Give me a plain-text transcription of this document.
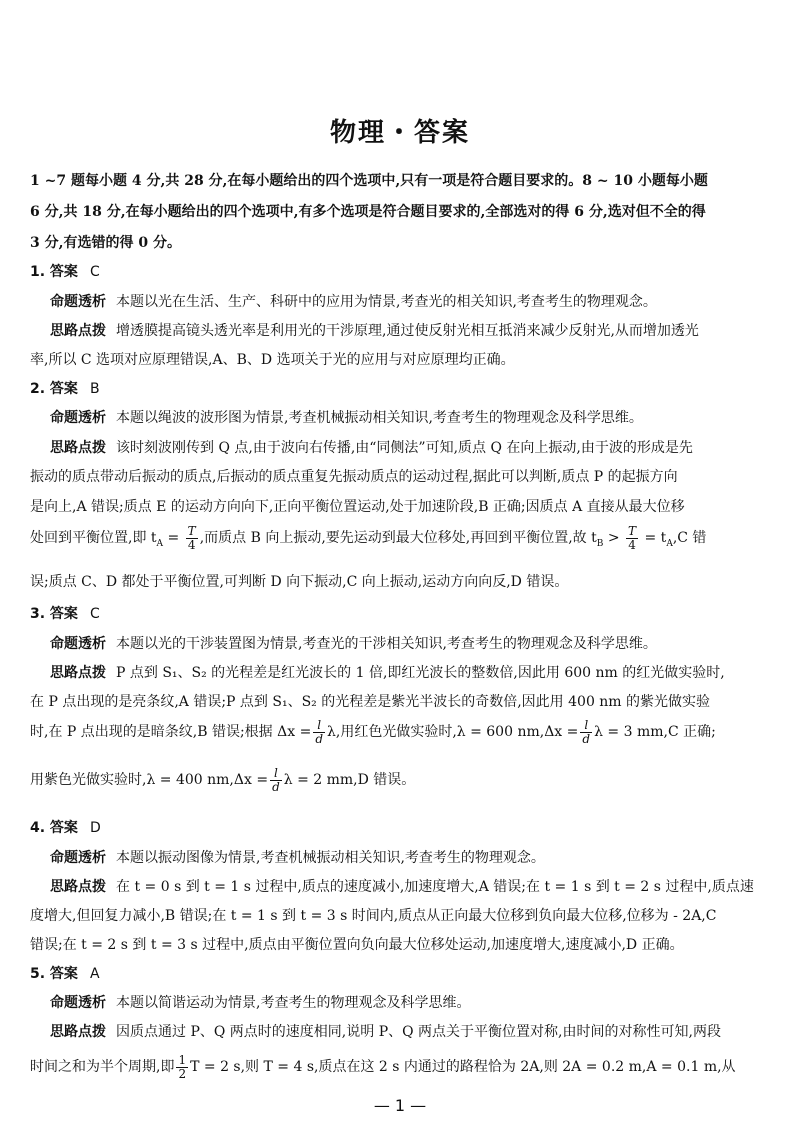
物理・答案
1 ~7 题每小题 4 分,共 28 分,在每小题给出的四个选项中,只有一项是符合题目要求的。8 ~ 10 小题每小题
6 分,共 18 分,在每小题给出的四个选项中,有多个选项是符合题目要求的,全部选对的得 6 分,选对但不全的得
3 分,有选错的得 0 分。
1. 答案 C
命题透析 本题以光在生活、生产、科研中的应用为情景,考查光的相关知识,考查考生的物理观念。
思路点拨 增透膜提高镜头透光率是利用光的干涉原理,通过使反射光相互抵消来减少反射光,从而增加透光
率,所以 C 选项对应原理错误,A、B、D 选项关于光的应用与对应原理均正确。
2. 答案 B
命题透析 本题以绳波的波形图为情景,考查机械振动相关知识,考查考生的物理观念及科学思维。
思路点拨 该时刻波刚传到 Q 点,由于波向右传播,由“同侧法”可知,质点 Q 在向上振动,由于波的形成是先
振动的质点带动后振动的质点,后振动的质点重复先振动质点的运动过程,据此可以判断,质点 P 的起振方向
是向上,A 错误;质点 E 的运动方向向下,正向平衡位置运动,处于加速阶段,B 正确;因质点 A 直接从最大位移
处回到平衡位置,即 $t_A = \frac{T}{4}$ ,而质点 B 向上振动,要先运动到最大位移处,再回到平衡位置,故 $t_B > \frac{T}{4} = t_A,C$ 错
误;质点 C、D 都处于平衡位置,可判断 D 向下振动,C 向上振动,运动方向向反,D 错误。
3. 答案 C
命题透析 本题以光的干涉装置图为情景,考查光的干涉相关知识,考查考生的物理观念及科学思维。
思路点拨 P 点到 S₁、S₂ 的光程差是红光波长的 1 倍,即红光波长的整数倍,因此用 600 nm 的红光做实验时,
在 P 点出现的是亮条纹,A 错误;P 点到 S₁、S₂ 的光程差是紫光半波长的奇数倍,因此用 400 nm 的紫光做实验
时,在 P 点出现的是暗条纹,B 错误;根据 $\Delta x = \frac{l}{d} \lambda$,用红色光做实验时,λ = 600 $nm,\Delta x = \frac{l}{d}$ λ = 3 mm,C 正确;
用紫色光做实验时,λ = 400 $nm,\Delta x = \frac{l}{d}$ λ = 2 mm,D 错误。
4. 答案 D
命题透析 本题以振动图像为情景,考查机械振动相关知识,考查考生的物理观念。
思路点拨 在 t = 0 s 到 t = 1 s 过程中,质点的速度减小,加速度增大,A 错误;在 t = 1 s 到 t = 2 s 过程中,质点速
度增大,但回复力减小,B 错误;在 t = 1 s 到 t = 3 s 时间内,质点从正向最大位移到负向最大位移,位移为 - 2A,C
错误;在 t = 2 s 到 t = 3 s 过程中,质点由平衡位置向负向最大位移处运动,加速度增大,速度减小,D 正确。
5. 答案 A
命题透析 本题以简谐运动为情景,考查考生的物理观念及科学思维。
思路点拨 因质点通过 P、Q 两点时的速度相同,说明 P、Q 两点关于平衡位置对称,由时间的对称性可知,两段
时间之和为半个周期,即 $\frac{1}{2}$ T = 2 s,则 T = 4 s,质点在这 2 s 内通过的路程恰为 2A,则 2A = 0.2 m,A = 0.1 m,从
— 1 —
